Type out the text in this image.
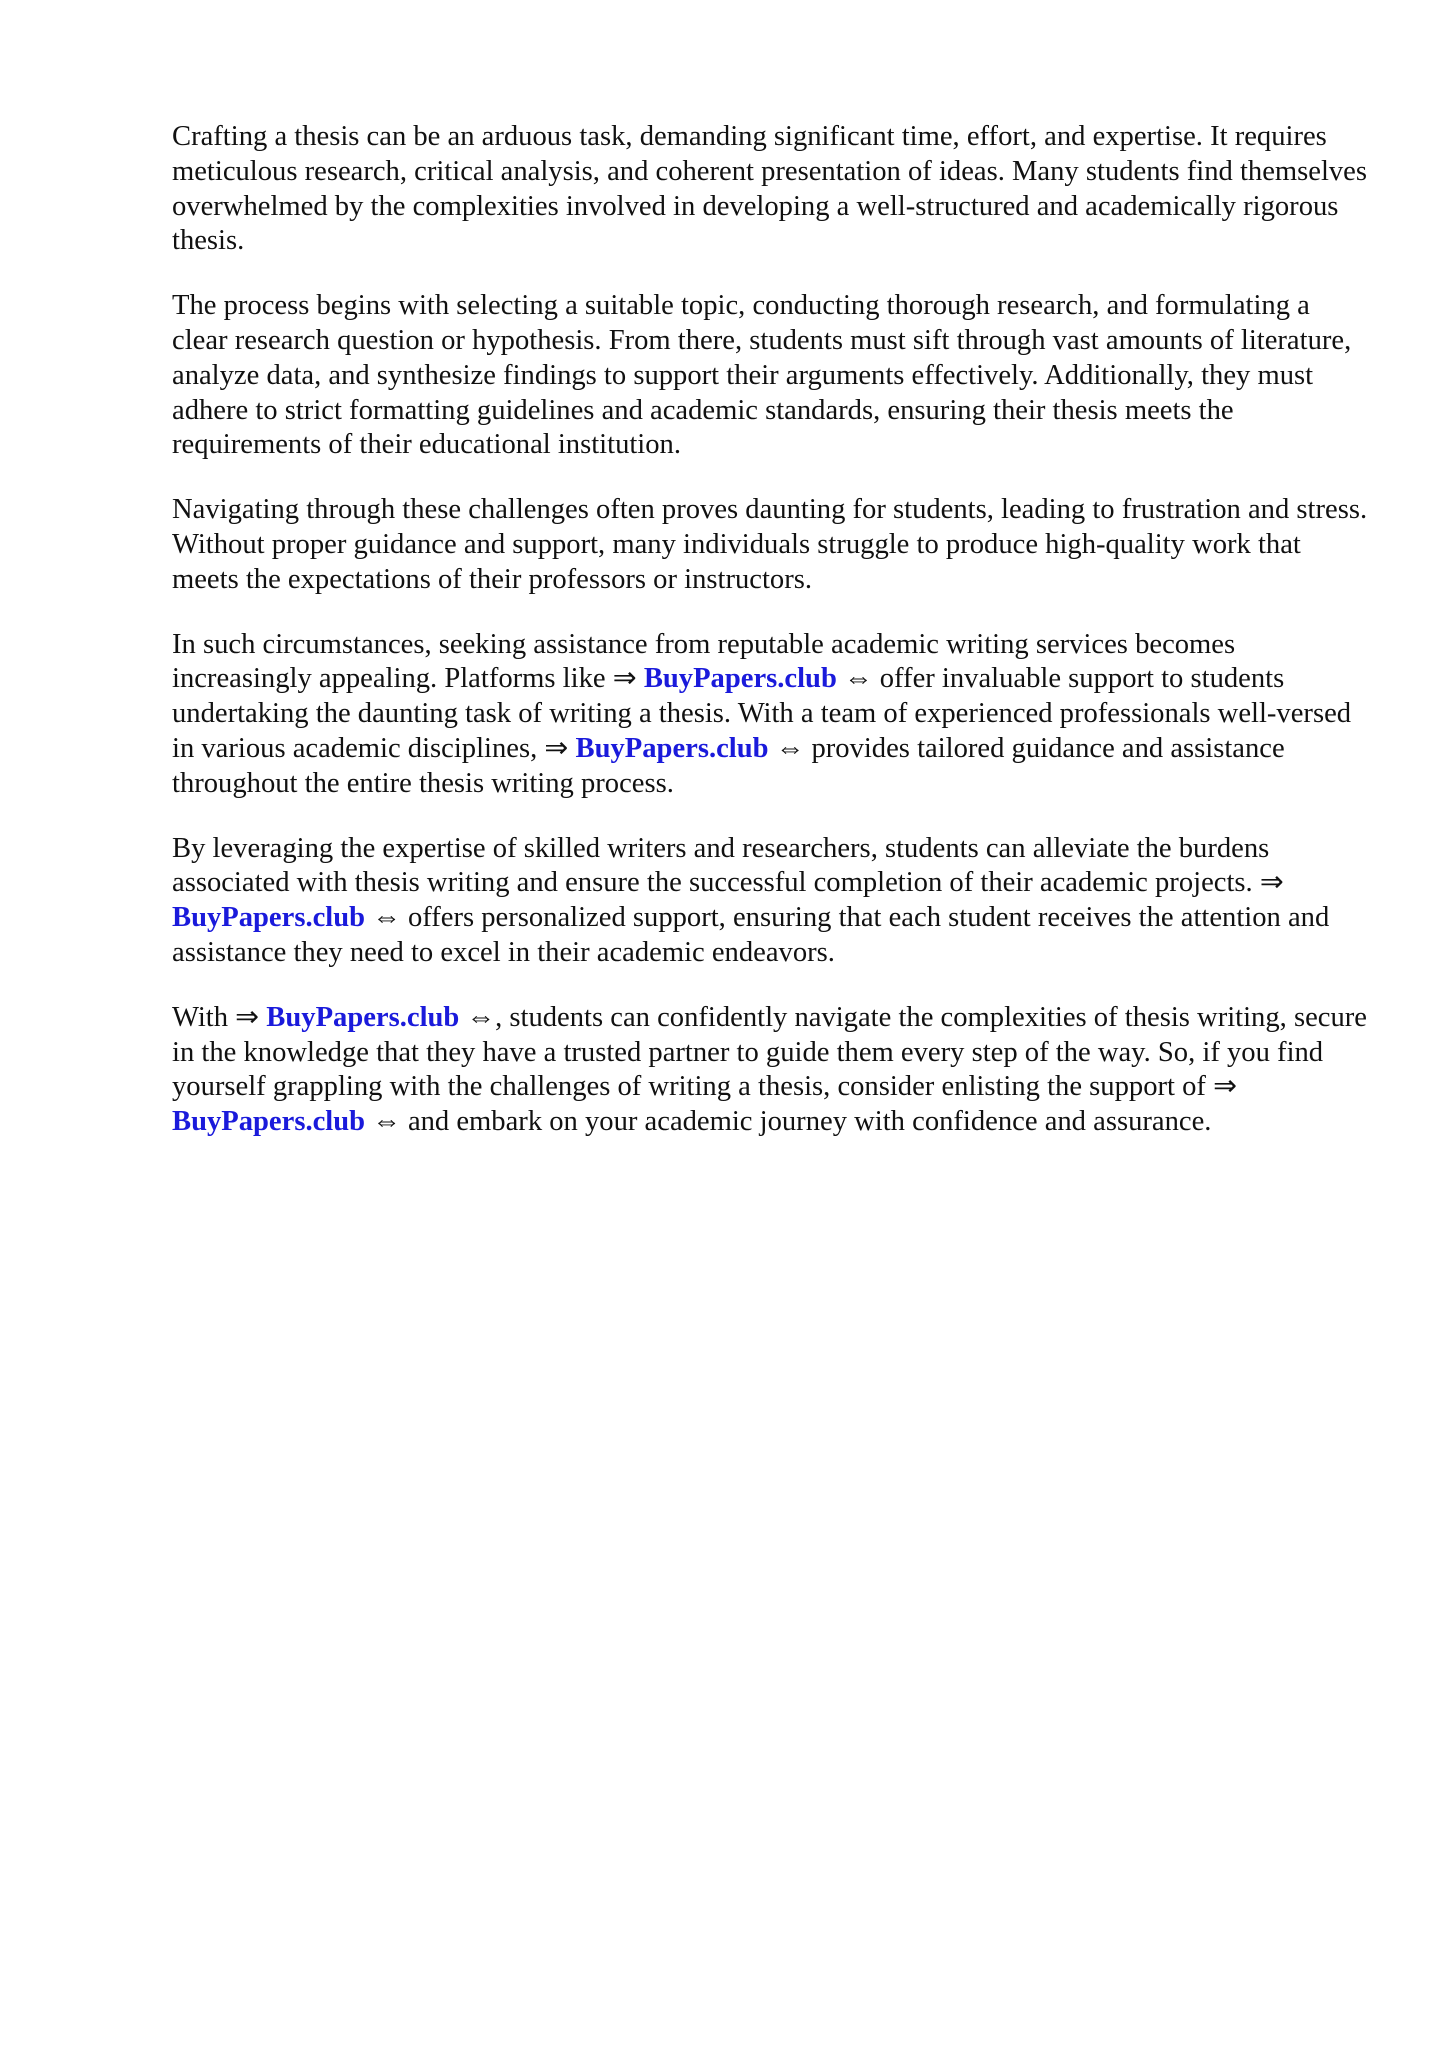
Crafting a thesis can be an arduous task, demanding significant time, effort, and expertise. It requires meticulous research, critical analysis, and coherent presentation of ideas. Many students find themselves overwhelmed by the complexities involved in developing a well-structured and academically rigorous thesis.

The process begins with selecting a suitable topic, conducting thorough research, and formulating a clear research question or hypothesis. From there, students must sift through vast amounts of literature, analyze data, and synthesize findings to support their arguments effectively. Additionally, they must adhere to strict formatting guidelines and academic standards, ensuring their thesis meets the requirements of their educational institution.

Navigating through these challenges often proves daunting for students, leading to frustration and stress. Without proper guidance and support, many individuals struggle to produce high-quality work that meets the expectations of their professors or instructors.

In such circumstances, seeking assistance from reputable academic writing services becomes increasingly appealing. Platforms like ⇒ BuyPapers.club ⇔ offer invaluable support to students undertaking the daunting task of writing a thesis. With a team of experienced professionals well-versed in various academic disciplines, ⇒ BuyPapers.club ⇔ provides tailored guidance and assistance throughout the entire thesis writing process.

By leveraging the expertise of skilled writers and researchers, students can alleviate the burdens associated with thesis writing and ensure the successful completion of their academic projects. ⇒ BuyPapers.club ⇔ offers personalized support, ensuring that each student receives the attention and assistance they need to excel in their academic endeavors.

With ⇒ BuyPapers.club ⇔, students can confidently navigate the complexities of thesis writing, secure in the knowledge that they have a trusted partner to guide them every step of the way. So, if you find yourself grappling with the challenges of writing a thesis, consider enlisting the support of ⇒ BuyPapers.club ⇔ and embark on your academic journey with confidence and assurance.
